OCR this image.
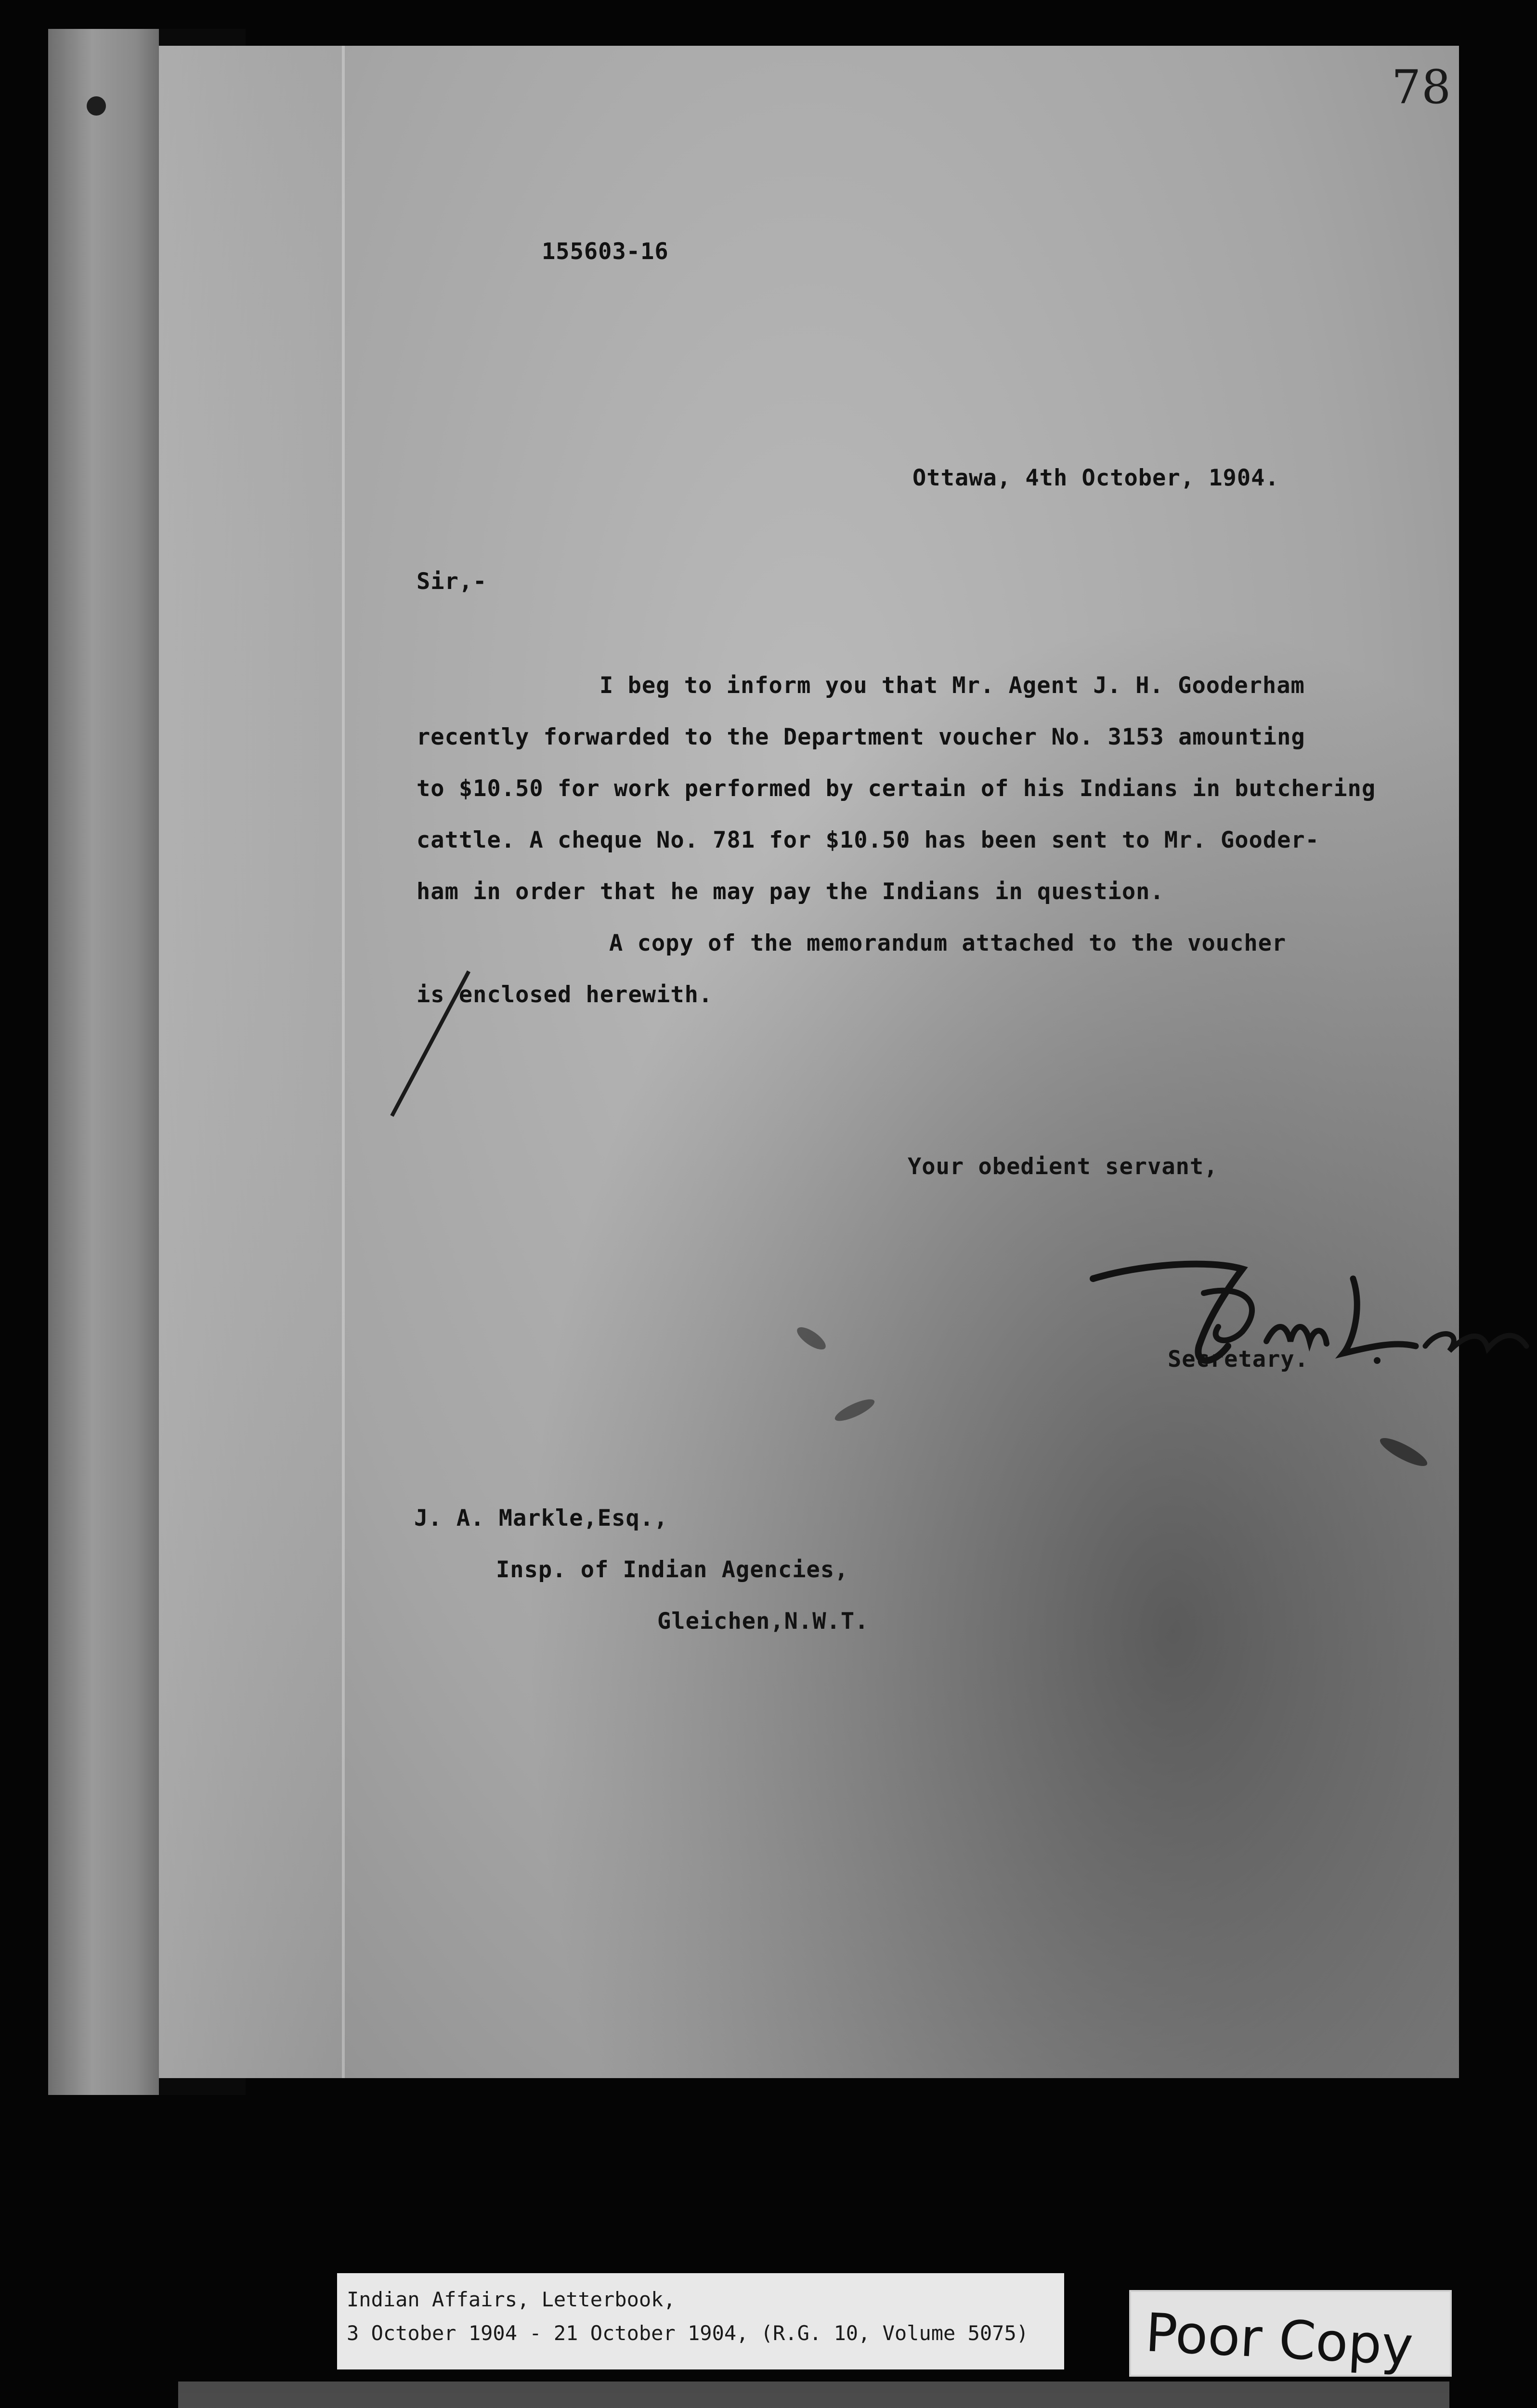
78
155603-16
Ottawa, 4th October, 1904.
Sir,-
I beg to inform you that Mr. Agent J. H. Gooderham
recently forwarded to the Department voucher No. 3153 amounting
to $10.50 for work performed by certain of his Indians in butchering
cattle. A cheque No. 781 for $10.50 has been sent to Mr. Gooder-
ham in order that he may pay the Indians in question.
A copy of the memorandum attached to the voucher
is enclosed herewith.
Your obedient servant,
Secretary.
J. A. Markle,Esq.,
Insp. of Indian Agencies,
Gleichen,N.W.T.
Indian Affairs, Letterbook,
3 October 1904 - 21 October 1904, (R.G. 10, Volume 5075) Poor Copy
